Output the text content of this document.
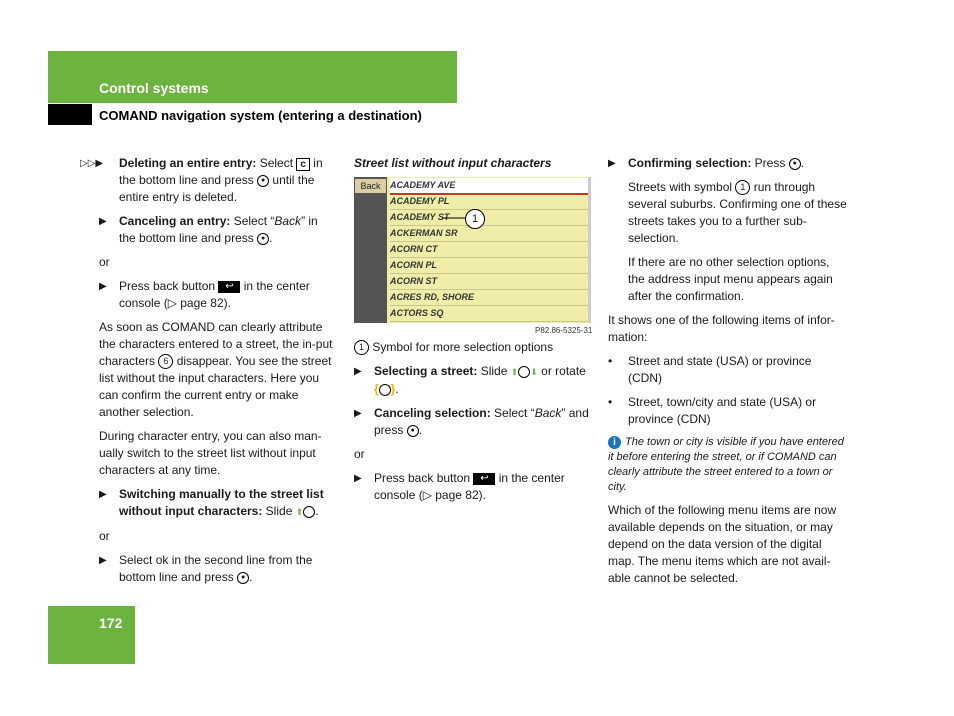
Control systems
COMAND navigation system (entering a destination)
▷▷▶ Deleting an entire entry: Select c in the bottom line and press ● until the entire entry is deleted.
▶ Canceling an entry: Select “Back” in the bottom line and press ● .

or

▶ Press back button ↩ in the center console (▷ page 82).

As soon as COMAND can clearly attribute the characters entered to a street, the in-put characters 6 disappear. You see the street list without the input characters. Here you can confirm the current entry or make another selection.

During character entry, you can also man-ually switch to the street list without input characters at any time.

▶ Switching manually to the street list without input characters: Slide ⬆ .

or

▶ Select ok in the second line from the bottom line and press ● .
Street list without input characters
Back	ACADEMY AVE
ACADEMY PL
ACADEMY ST
ACKERMAN SR
ACORN CT
ACORN PL
ACORN ST
ACRES RD, SHORE
ACTORS SQ
1
P82.86-5325-31

1 Symbol for more selection options

▶ Selecting a street: Slide ⬆ ⬇ or rotate { }.
▶ Canceling selection: Select “Back” and press ● .

or

▶ Press back button ↩ in the center console (▷ page 82).
▶ Confirming selection: Press ● .

Streets with symbol 1 run through several suburbs. Confirming one of these streets takes you to a further sub-selection.

If there are no other selection options, the address input menu appears again after the confirmation.

It shows one of the following items of infor-mation:

• Street and state (USA) or province (CDN)
• Street, town/city and state (USA) or province (CDN)

i The town or city is visible if you have entered it before entering the street, or if COMAND can clearly attribute the street entered to a town or city.

Which of the following menu items are now available depends on the situation, or may depend on the data version of the digital map. The menu items which are not avail-able cannot be selected.

172
